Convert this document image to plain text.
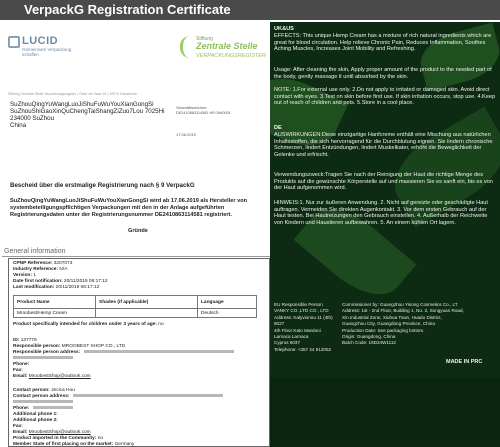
VerpackG Registration Certificate
LUCID
Gemeinsam Verpackung schaffen
Stiftung
Zentrale Stelle
VERPACKUNGSREGISTER
Stiftung Zentrale Stelle Verpackungsregister | Öwer de Hase 18 | 49074 Osnabrück
SuZhouQingYuWangLuoJiShuFuWuYouXianGongSi
SuZhouShiGaoXinQuChengTaiShangZiZuo7Lou 7025Hi
234000 SuZhou
China
Geschäftszeichen:
DE2410863114581 HR:19#0001
17.06.2019
Bescheid über die erstmalige Registrierung nach § 9 VerpackG
SuZhouQingYuWangLuoJiShuFuWuYouXianGongSi wird ab 17.06.2019 als Hersteller von systembeteiligungspflichtigen Verpackungen mit den in der Anlage aufgeführten Registrierungsdaten unter der Registrierungsnummer DE2410863114581 registriert.
Gründe
General information
CPNP Reference: 3207073
Industry Reference: N/A
Version: 1
Date first notification: 20/11/2019 06:17:12
Last modification: 20/11/2019 06:17:12
Product Name	Shades (if applicable)	Language
Mroobest/Hemp Cream		Deutsch
Product specifically intended for children under 3 years of age: no
ID: 137776
Responsible person: MROOBEST SHOP CO., LTD
Responsible person address:
Phone:
Fax:
Email: MroobestShop@outlook.com
Contact person: Jecica Hou
Contact person address:
Phone:
Additional phone 1:
Additional phone 2:
Fax:
Email: MroobestShop@outlook.com
Product imported in the Community: no
Member State of first placing on the market: Germany
UK&US
EFFECTS: This unique Hemp Cream has a mixture of rich natural ingredients which are great for blood circulation. Help relieve Chronic Pain, Reduces Inflammation, Soothes Aching Muscles, Increases Joint Mobility and Refreshing.
Usage: After cleaning the skin, Apply proper amount of the product to the needed part of the body, gently massage it until absorbed by the skin.
NOTE: 1.For external use only. 2.Do not apply to irritated or damaged skin. Avoid direct contact with eyes. 3.Test on skin before first use. If skin irritation occurs, stop use. 4.Keep out of reach of children and pets. 5.Store in a cool place.
DE
AUSWIRKUNGEN:Diese einzigartige Hanfcreme enthält eine Mischung aus natürlichen Inhaltsstoffen, die sich hervorragend für die Durchblutung eignen. Sie lindern chronische Schmerzen, lindert Entzündungen, lindert Muskelkater, erhöht die Beweglichkeit der Gelenke und erfrischt.
Verwendungszweck:Tragen Sie nach der Reinigung der Haut die richtige Menge des Produkts auf die gewünschte Körperstelle auf und massieren Sie es sanft ein, bis es von der Haut aufgenommen wird.
HINWEIS:1. Nur zur äußeren Anwendung. 2. Nicht auf gereizte oder geschädigte Haut auftragen. Vermeiden Sie direkten Augenkontakt. 3. Vor dem ersten Gebrauch auf der Haut testen. Bei Hautreizungen den Gebrauch einstellen. 4. Außerhalb der Reichweite von Kindern und Haustieren aufbewahren. 5. An einem kühlen Ort lagern.
EU Responsible Person
VANKY CO.,LTD CO., LTD
Address: Kalyvionou 11 (4th) 8027
4th Floor Kato Mardoni
Larnaca Larnaca
Cyprus 6037
Telephone: +357 24 812052
Commissioner by: Guangzhou Yisong Cosmetics Co., LT
Address: 1st - 2nd Floor, Building 1, No. 3, Songyuan Road,
Xin Industrial Zone, Xiuhua Town, Huadu District,
Guangzhou City, Guangdong Province, China
Production Date: See packaging bottom.
Origin: Guangdong, China
Batch Code: 19D24W1112
MADE IN PRC
